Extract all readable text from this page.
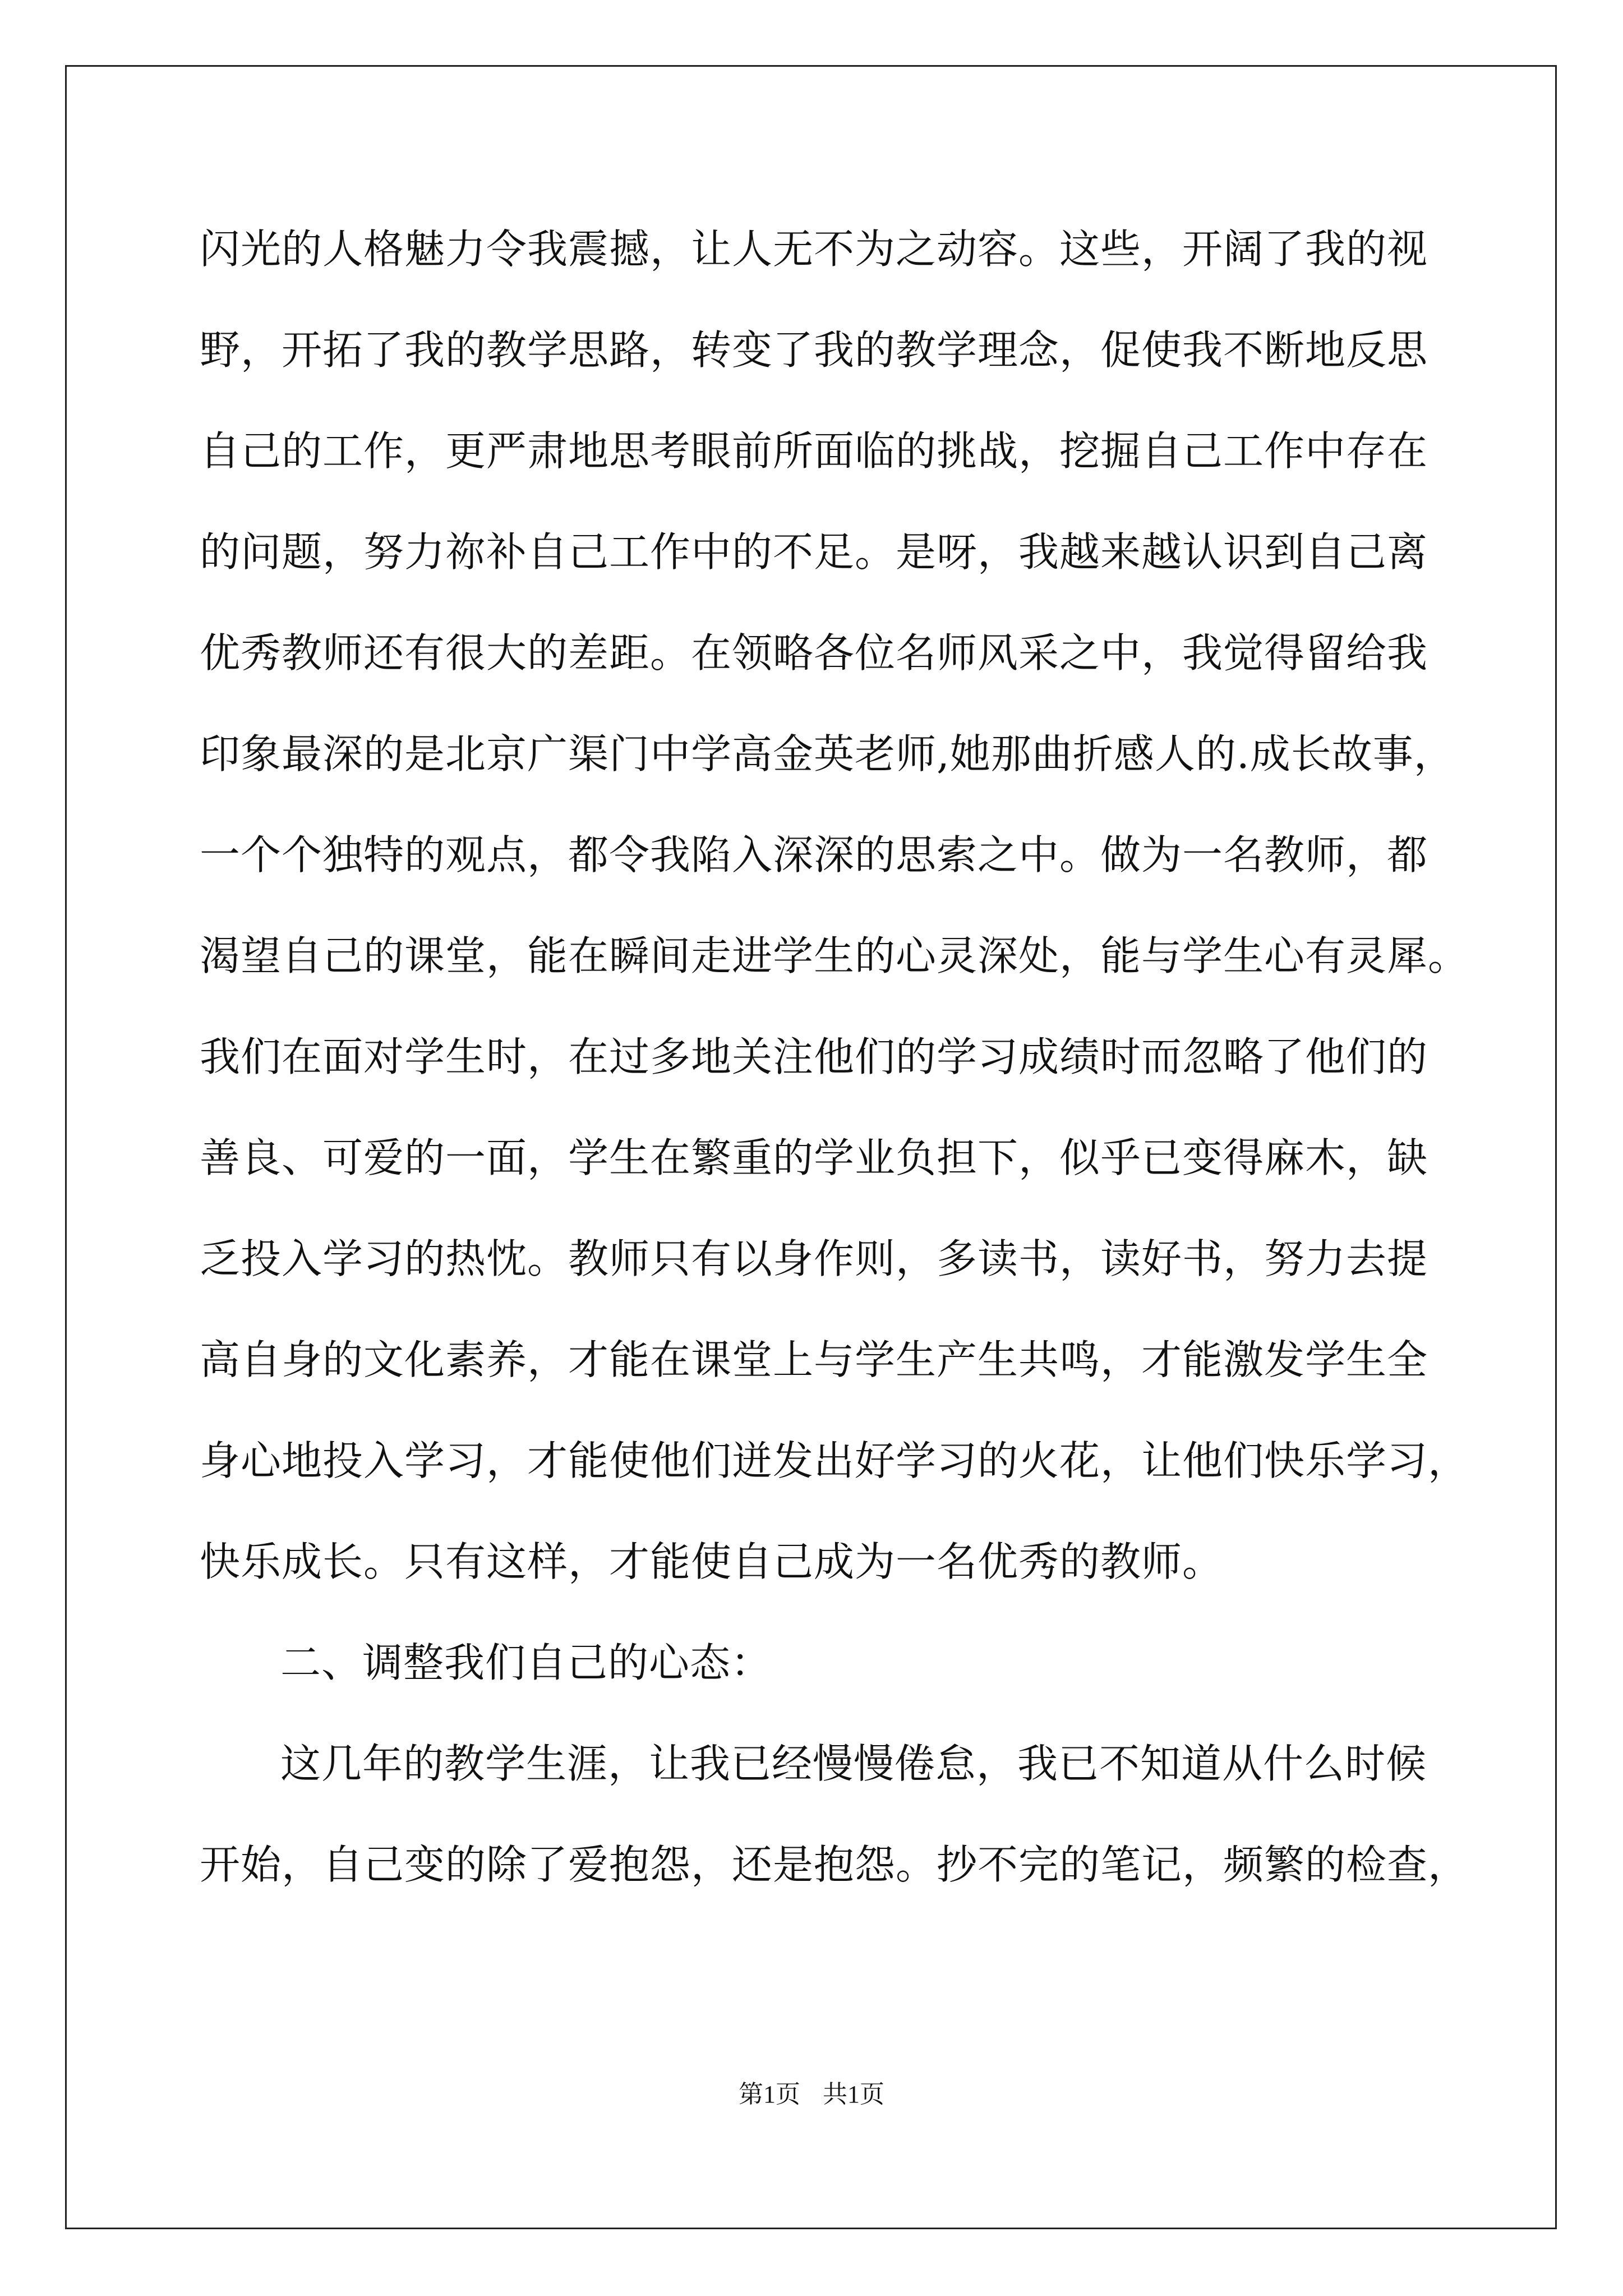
闪光的人格魅力令我震撼，让人无不为之动容。这些，开阔了我的视
野，开拓了我的教学思路，转变了我的教学理念，促使我不断地反思
自己的工作，更严肃地思考眼前所面临的挑战，挖掘自己工作中存在
的问题，努力祢补自己工作中的不足。是呀，我越来越认识到自己离
优秀教师还有很大的差距。在领略各位名师风采之中，我觉得留给我
印象最深的是北京广渠门中学高金英老师,她那曲折感人的.成长故事，
一个个独特的观点，都令我陷入深深的思索之中。做为一名教师，都
渴望自己的课堂，能在瞬间走进学生的心灵深处，能与学生心有灵犀。
我们在面对学生时，在过多地关注他们的学习成绩时而忽略了他们的
善良、可爱的一面，学生在繁重的学业负担下，似乎已变得麻木，缺
乏投入学习的热忱。教师只有以身作则，多读书，读好书，努力去提
高自身的文化素养，才能在课堂上与学生产生共鸣，才能激发学生全
身心地投入学习，才能使他们迸发出好学习的火花，让他们快乐学习，
快乐成长。只有这样，才能使自己成为一名优秀的教师。
二、调整我们自己的心态：
这几年的教学生涯，让我已经慢慢倦怠，我已不知道从什么时候
开始，自己变的除了爱抱怨，还是抱怨。抄不完的笔记，频繁的检查，
第1页 共1页
